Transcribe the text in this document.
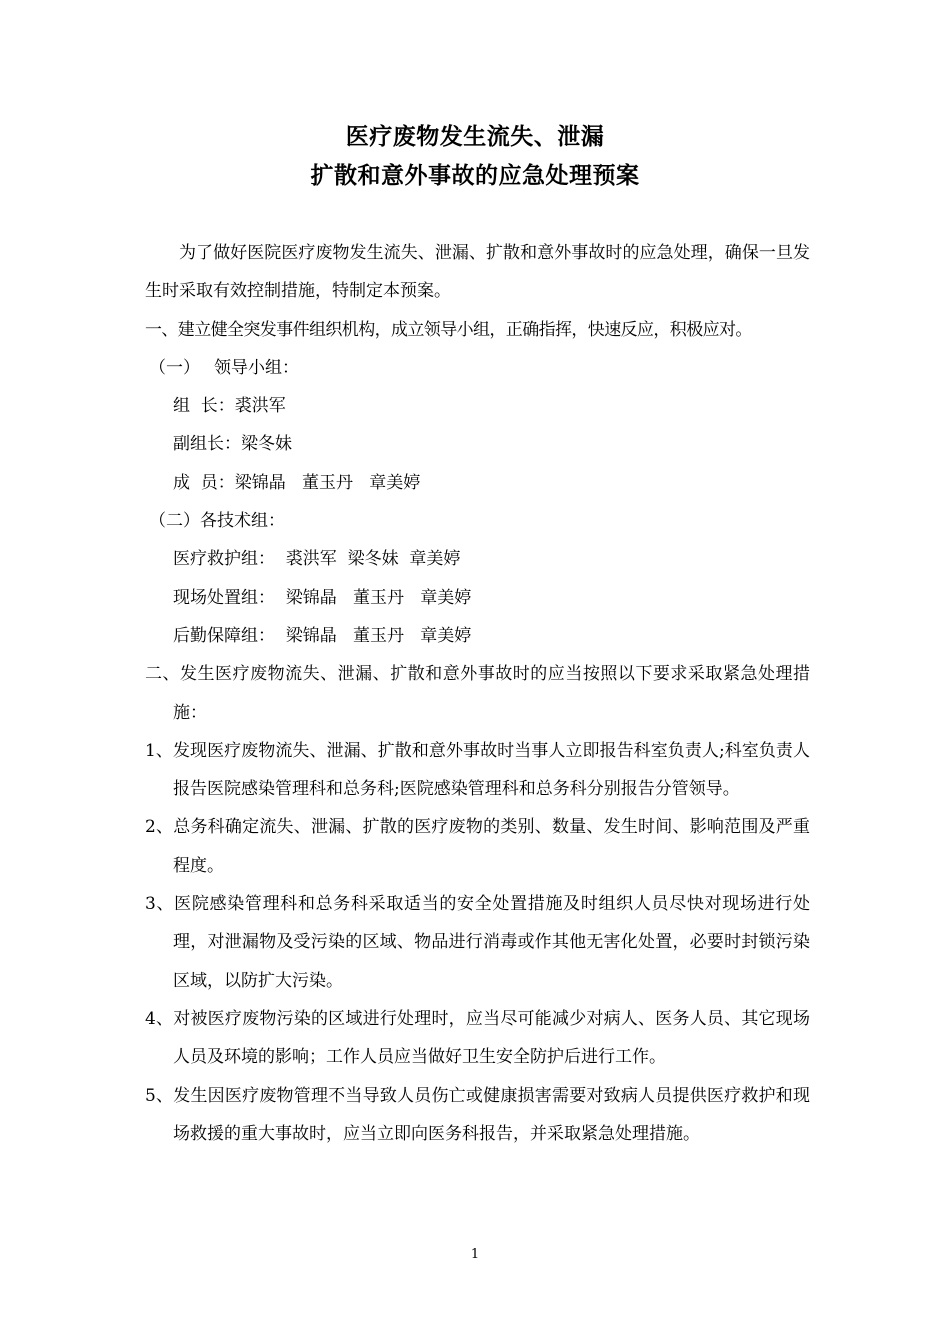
医疗废物发生流失、泄漏
扩散和意外事故的应急处理预案

为了做好医院医疗废物发生流失、泄漏、扩散和意外事故时的应急处理，确保一旦发生时采取有效控制措施，特制定本预案。

一、建立健全突发事件组织机构，成立领导小组，正确指挥，快速反应，积极应对。

（一） 领导小组：

组  长：裘洪军

副组长：梁冬妹

成  员：梁锦晶   董玉丹   章美婷

（二）各技术组：

医疗救护组：  裘洪军  梁冬妹  章美婷

现场处置组：  梁锦晶   董玉丹   章美婷

后勤保障组：  梁锦晶   董玉丹   章美婷

二、发生医疗废物流失、泄漏、扩散和意外事故时的应当按照以下要求采取紧急处理措施：

1、发现医疗废物流失、泄漏、扩散和意外事故时当事人立即报告科室负责人;科室负责人报告医院感染管理科和总务科;医院感染管理科和总务科分别报告分管领导。

2、总务科确定流失、泄漏、扩散的医疗废物的类别、数量、发生时间、影响范围及严重程度。

3、医院感染管理科和总务科采取适当的安全处置措施及时组织人员尽快对现场进行处理，对泄漏物及受污染的区域、物品进行消毒或作其他无害化处置，必要时封锁污染区域，以防扩大污染。

4、对被医疗废物污染的区域进行处理时，应当尽可能减少对病人、医务人员、其它现场人员及环境的影响；工作人员应当做好卫生安全防护后进行工作。

5、发生因医疗废物管理不当导致人员伤亡或健康损害需要对致病人员提供医疗救护和现场救援的重大事故时，应当立即向医务科报告，并采取紧急处理措施。

1
